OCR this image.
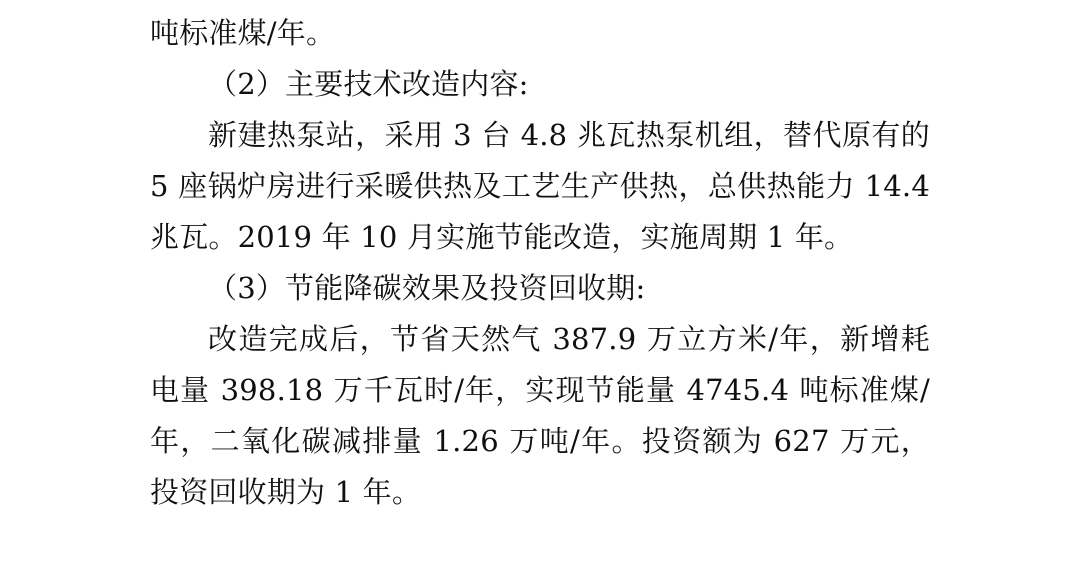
吨标准煤/年。

（2）主要技术改造内容:

新建热泵站，采用 3 台 4.8 兆瓦热泵机组，替代原有的 5 座锅炉房进行采暖供热及工艺生产供热，总供热能力 14.4 兆瓦。2019 年 10 月实施节能改造，实施周期 1 年。

（3）节能降碳效果及投资回收期:

改造完成后，节省天然气 387.9 万立方米/年，新增耗电量 398.18 万千瓦时/年，实现节能量 4745.4 吨标准煤/年，二氧化碳减排量 1.26 万吨/年。投资额为 627 万元，投资回收期为 1 年。
